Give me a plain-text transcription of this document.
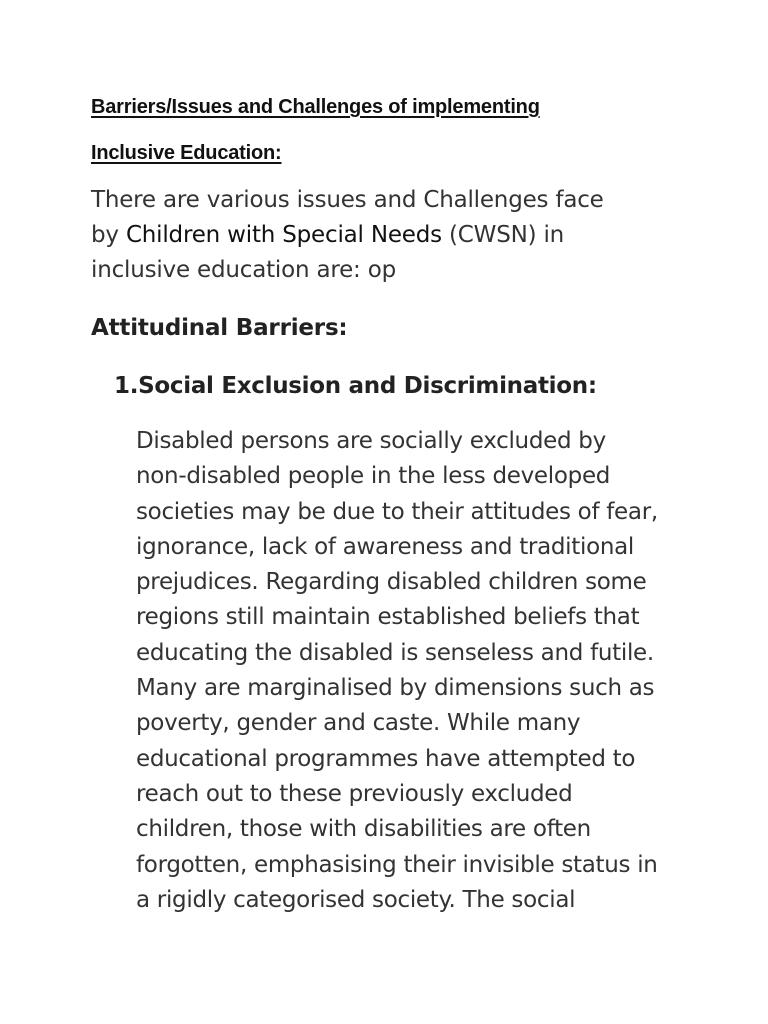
Barriers/Issues and Challenges of implementing
Inclusive Education:
There are various issues and Challenges face
by Children with Special Needs (CWSN) in
inclusive education are: op
Attitudinal Barriers:
1.Social Exclusion and Discrimination:
Disabled persons are socially excluded by
non-disabled people in the less developed
societies may be due to their attitudes of fear,
ignorance, lack of awareness and traditional
prejudices. Regarding disabled children some
regions still maintain established beliefs that
educating the disabled is senseless and futile.
Many are marginalised by dimensions such as
poverty, gender and caste. While many
educational programmes have attempted to
reach out to these previously excluded
children, those with disabilities are often
forgotten, emphasising their invisible status in
a rigidly categorised society. The social
